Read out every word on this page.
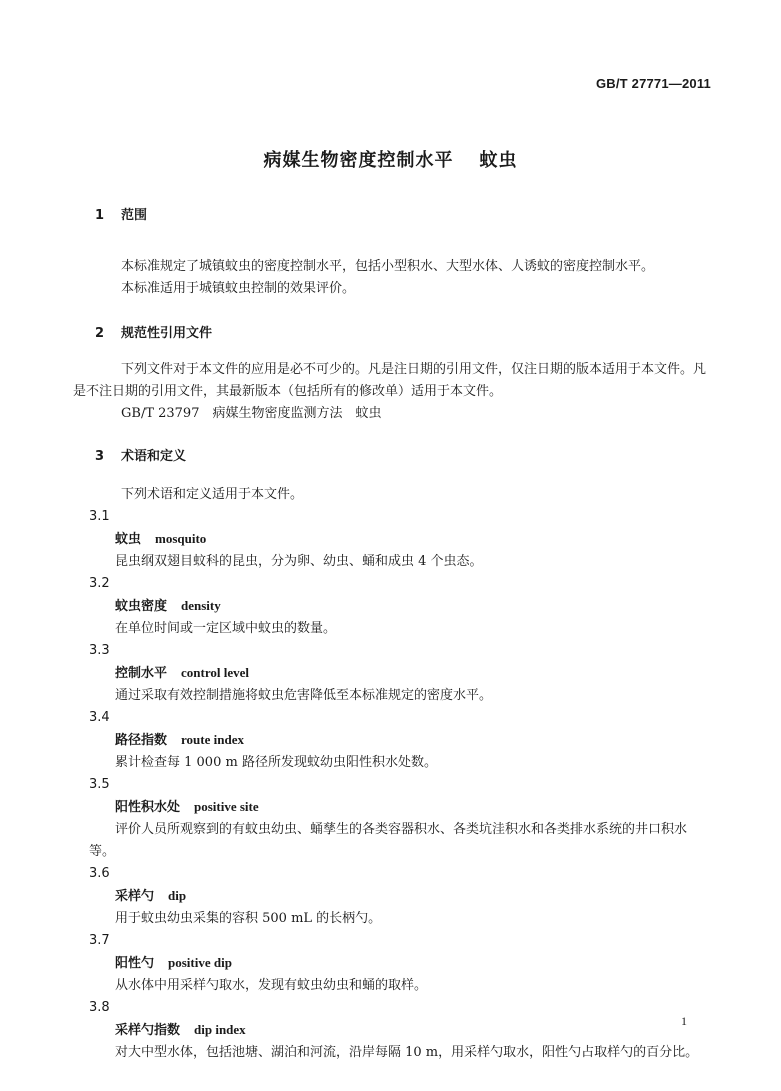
GB/T 27771—2011
病媒生物密度控制水平 蚊虫
1 范围

本标准规定了城镇蚊虫的密度控制水平，包括小型积水、大型水体、人诱蚊的密度控制水平。

本标准适用于城镇蚊虫控制的效果评价。

2 规范性引用文件

下列文件对于本文件的应用是必不可少的。凡是注日期的引用文件，仅注日期的版本适用于本文件。凡是不注日期的引用文件，其最新版本（包括所有的修改单）适用于本文件。

GB/T 23797　病媒生物密度监测方法　蚊虫

3 术语和定义

下列术语和定义适用于本文件。

3.1

蚊虫 mosquito

昆虫纲双翅目蚊科的昆虫，分为卵、幼虫、蛹和成虫 4 个虫态。

3.2

蚊虫密度 density

在单位时间或一定区域中蚊虫的数量。

3.3

控制水平 control level

通过采取有效控制措施将蚊虫危害降低至本标准规定的密度水平。

3.4

路径指数 route index

累计检查每 1 000 m 路径所发现蚊幼虫阳性积水处数。

3.5

阳性积水处 positive site

评价人员所观察到的有蚊虫幼虫、蛹孳生的各类容器积水、各类坑洼积水和各类排水系统的井口积水等。

3.6

采样勺 dip

用于蚊虫幼虫采集的容积 500 mL 的长柄勺。

3.7

阳性勺 positive dip

从水体中用采样勺取水，发现有蚊虫幼虫和蛹的取样。

3.8

采样勺指数 dip index

对大中型水体，包括池塘、湖泊和河流，沿岸每隔 10 m，用采样勺取水，阳性勺占取样勺的百分比。

1
